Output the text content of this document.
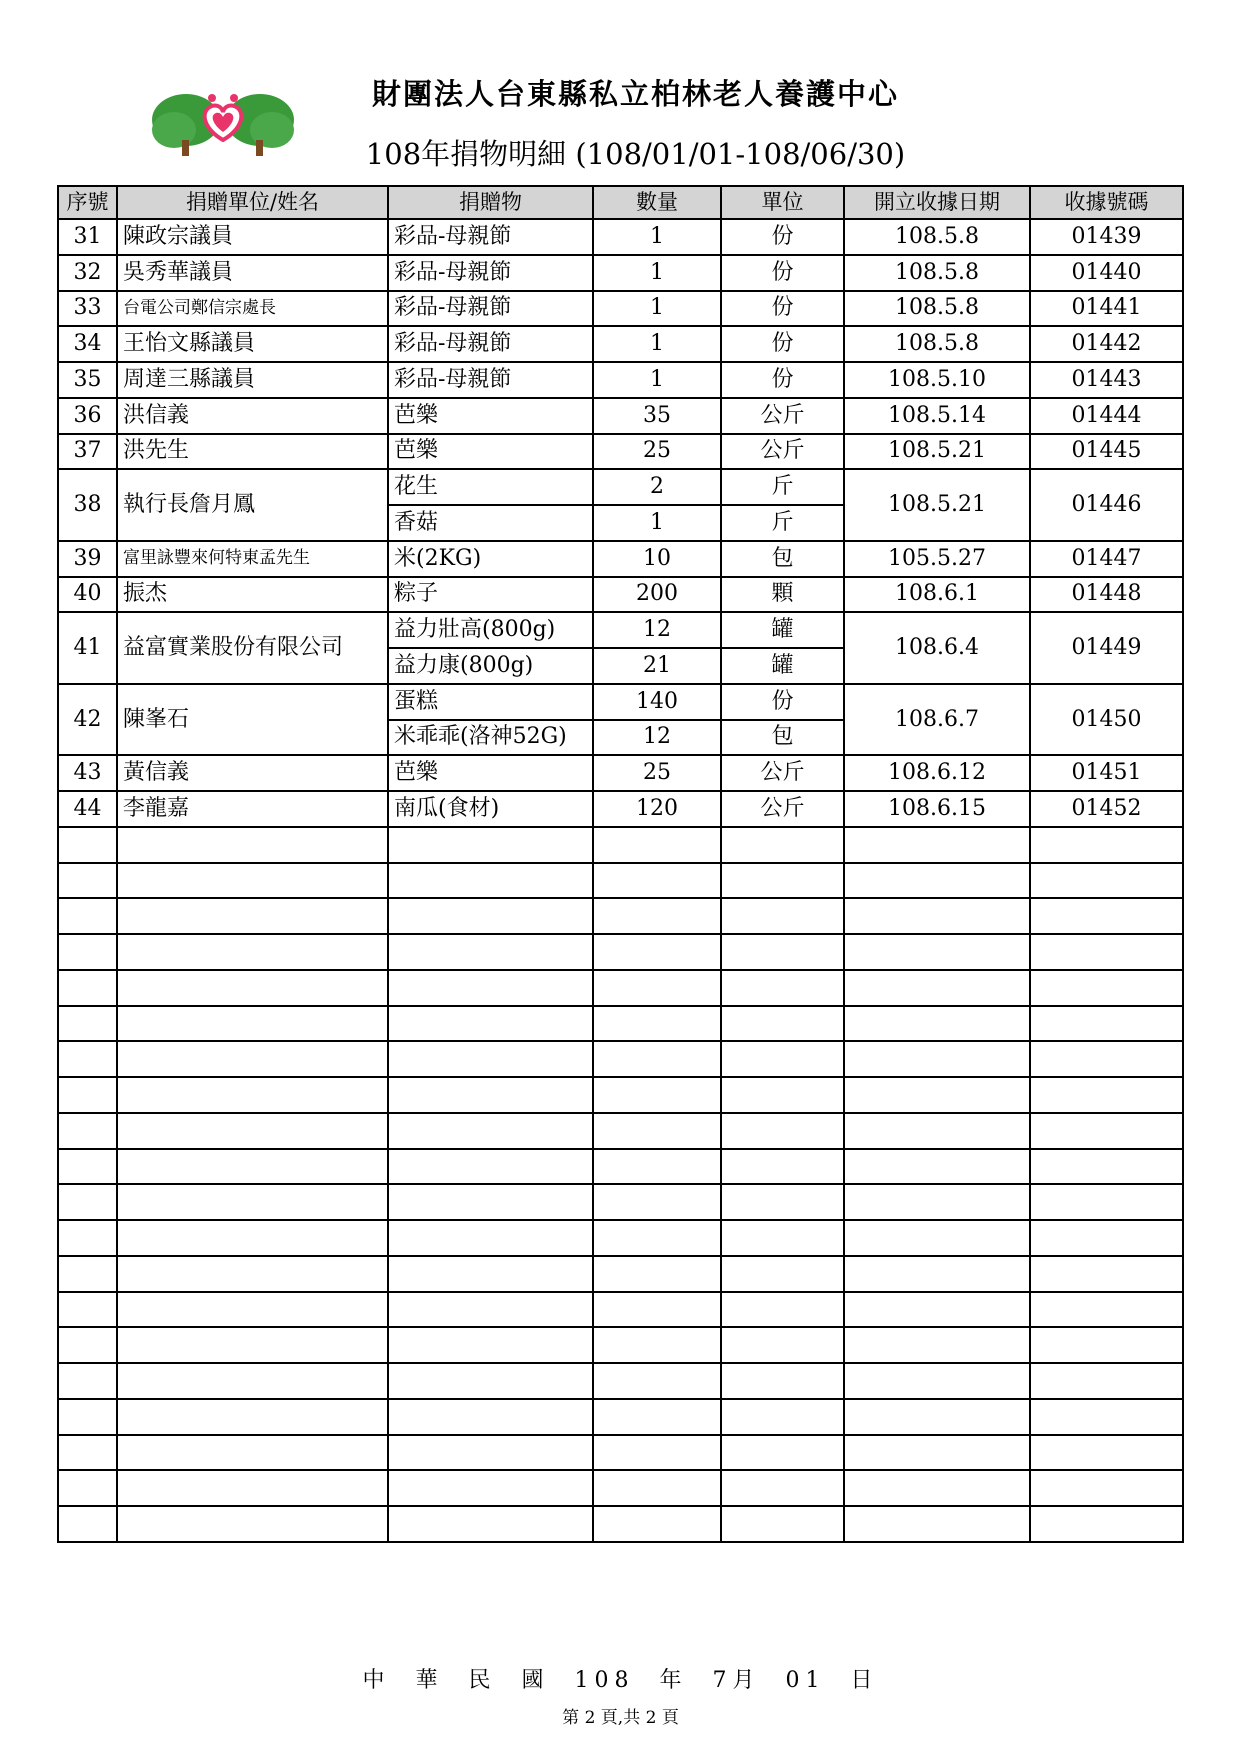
財團法人台東縣私立柏林老人養護中心
108年捐物明細 (108/01/01-108/06/30)
序號	捐贈單位/姓名	捐贈物	數量	單位	開立收據日期	收據號碼
31	陳政宗議員	彩品-母親節	1	份	108.5.8	01439
32	吳秀華議員	彩品-母親節	1	份	108.5.8	01440
33	台電公司鄭信宗處長	彩品-母親節	1	份	108.5.8	01441
34	王怡文縣議員	彩品-母親節	1	份	108.5.8	01442
35	周達三縣議員	彩品-母親節	1	份	108.5.10	01443
36	洪信義	芭樂	35	公斤	108.5.14	01444
37	洪先生	芭樂	25	公斤	108.5.21	01445
38	執行長詹月鳳	花生	2	斤	108.5.21	01446
		香菇	1	斤		
39	富里詠豐來何特東孟先生	米(2KG)	10	包	105.5.27	01447
40	振杰	粽子	200	顆	108.6.1	01448
41	益富實業股份有限公司	益力壯高(800g)	12	罐	108.6.4	01449
		益力康(800g)	21	罐		
42	陳峯石	蛋糕	140	份	108.6.7	01450
		米乖乖(洛神52G)	12	包		
43	黃信義	芭樂	25	公斤	108.6.12	01451
44	李龍嘉	南瓜(食材)	120	公斤	108.6.15	01452

中 華 民 國 108 年 7月 01 日
第 2 頁,共 2 頁
